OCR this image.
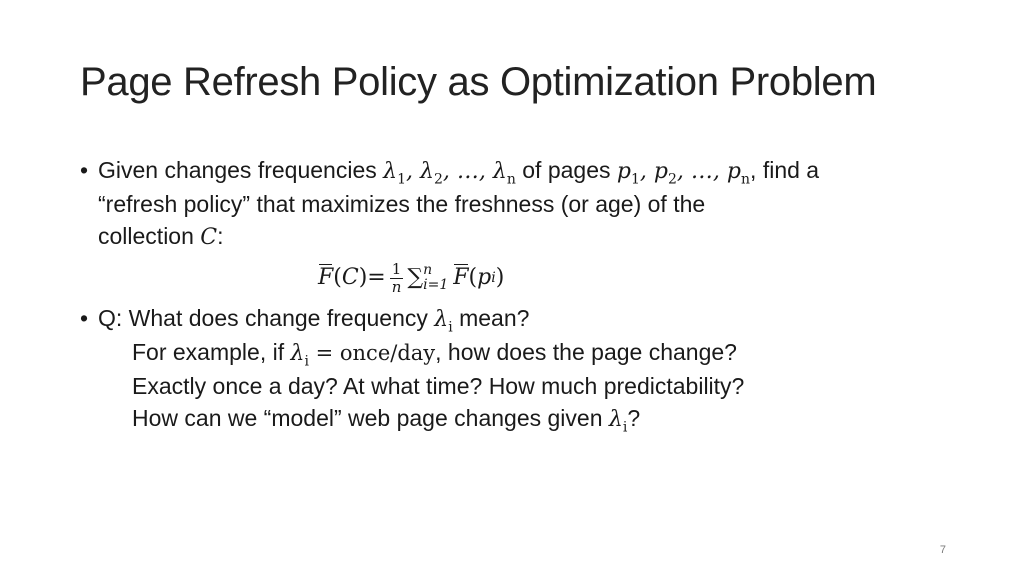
Page Refresh Policy as Optimization Problem
• Given changes frequencies $\lambda_1$, $\lambda_2$, …, $\lambda_n$ of pages $p_1$, $p_2$, …, $p_n$, find a
“refresh policy” that maximizes the freshness (or age) of the
collection C:
F ( C ) = $\frac{1}{n}$ ∑ n
i=1 F ( p i )
• Q: What does change frequency $\lambda_i$ mean?
For example, if $\lambda_i$ = once/day, how does the page change?
Exactly once a day? At what time? How much predictability?
How can we “model” web page changes given $\lambda_i$?
7
